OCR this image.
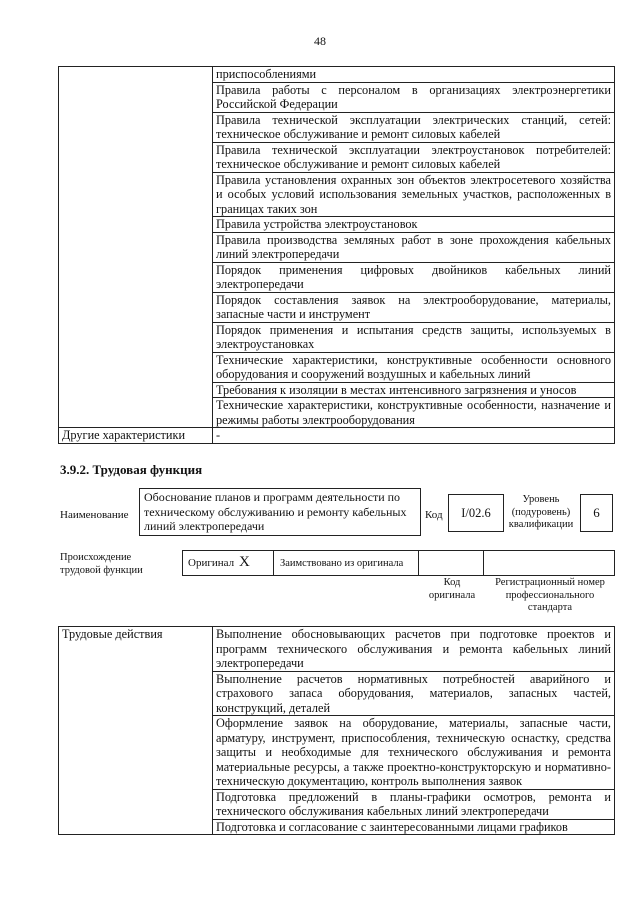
48
	приспособлениями
	Правила работы с персоналом в организациях электроэнергетики Российской Федерации
	Правила технической эксплуатации электрических станций, сетей: техническое обслуживание и ремонт силовых кабелей
	Правила технической эксплуатации электроустановок потребителей: техническое обслуживание и ремонт силовых кабелей
	Правила установления охранных зон объектов электросетевого хозяйства и особых условий использования земельных участков, расположенных в границах таких зон
	Правила устройства электроустановок
	Правила производства земляных работ в зоне прохождения кабельных линий электропередачи
	Порядок применения цифровых двойников кабельных линий электропередачи
	Порядок составления заявок на электрооборудование, материалы, запасные части и инструмент
	Порядок применения и испытания средств защиты, используемых в электроустановках
	Технические характеристики, конструктивные особенности основного оборудования и сооружений воздушных и кабельных линий
	Требования к изоляции в местах интенсивного загрязнения и уносов
	Технические характеристики, конструктивные особенности, назначение и режимы работы электрооборудования
Другие характеристики	-
3.9.2. Трудовая функция
Наименование
Обоснование планов и программ деятельности по техническому обслуживанию и ремонту кабельных линий электропередачи
Код	I/02.6
Уровень (подуровень) квалификации
6
Происхождение трудовой функции
Оригинал X	Заимствовано из оригинала
Код оригинала
Регистрационный номер профессионального стандарта
Трудовые действия	Выполнение обосновывающих расчетов при подготовке проектов и программ технического обслуживания и ремонта кабельных линий электропередачи
Выполнение расчетов нормативных потребностей аварийного и страхового запаса оборудования, материалов, запасных частей, конструкций, деталей
Оформление заявок на оборудование, материалы, запасные части, арматуру, инструмент, приспособления, техническую оснастку, средства защиты и необходимые для технического обслуживания и ремонта материальные ресурсы, а также проектно-конструкторскую и нормативно-техническую документацию, контроль выполнения заявок
Подготовка предложений в планы-графики осмотров, ремонта и технического обслуживания кабельных линий электропередачи
Подготовка и согласование с заинтересованными лицами графиков
